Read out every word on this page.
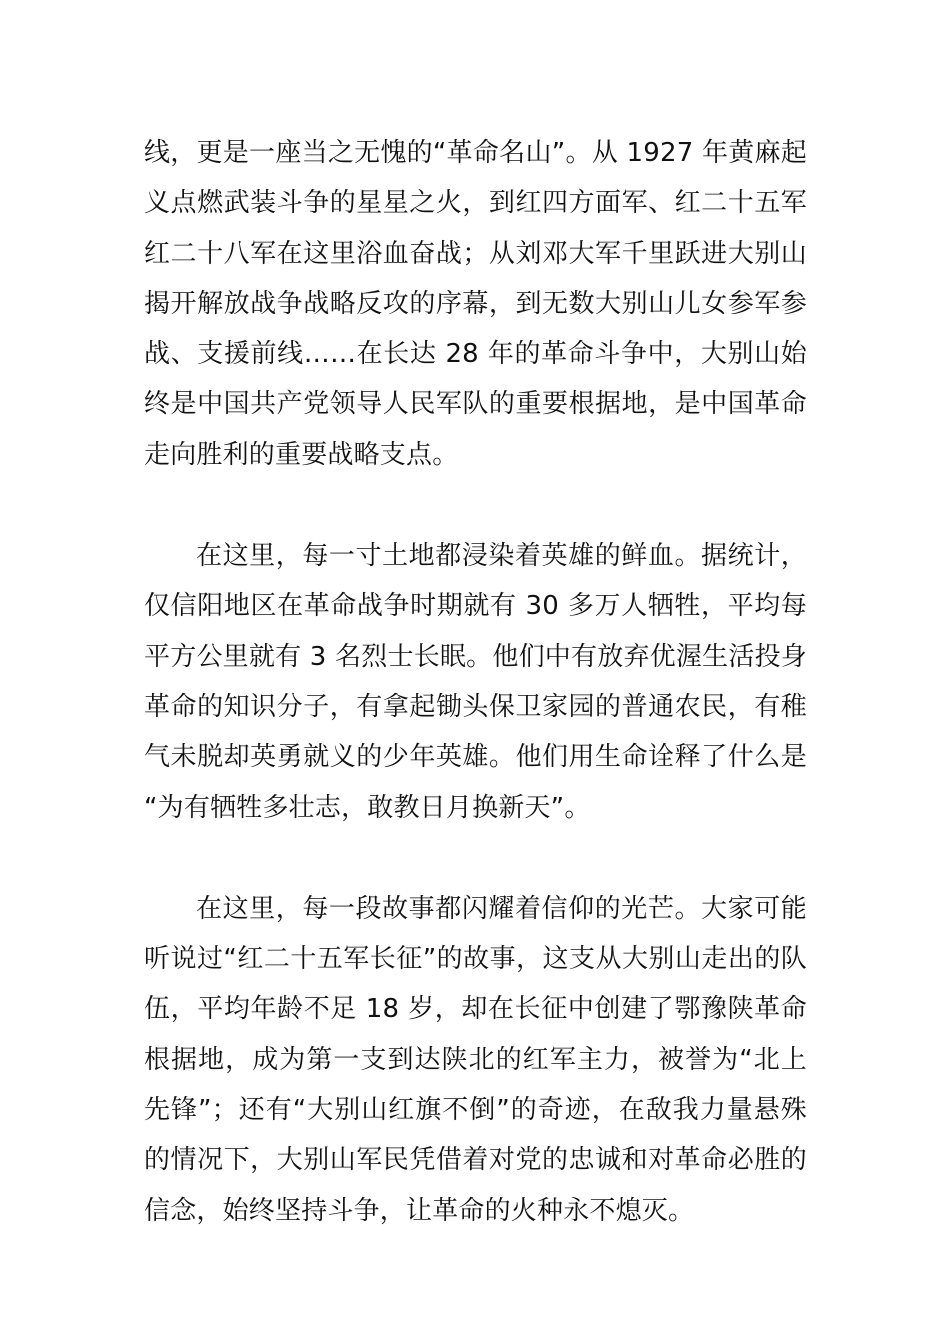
线，更是一座当之无愧的“革命名山”。从 1927 年黄麻起义点燃武装斗争的星星之火，到红四方面军、红二十五军红二十八军在这里浴血奋战；从刘邓大军千里跃进大别山揭开解放战争战略反攻的序幕，到无数大别山儿女参军参战、支援前线……在长达 28 年的革命斗争中，大别山始终是中国共产党领导人民军队的重要根据地，是中国革命走向胜利的重要战略支点。

在这里，每一寸土地都浸染着英雄的鲜血。据统计，仅信阳地区在革命战争时期就有 30 多万人牺牲，平均每平方公里就有 3 名烈士长眠。他们中有放弃优渥生活投身革命的知识分子，有拿起锄头保卫家园的普通农民，有稚气未脱却英勇就义的少年英雄。他们用生命诠释了什么是“为有牺牲多壮志，敢教日月换新天”。

在这里，每一段故事都闪耀着信仰的光芒。大家可能听说过“红二十五军长征”的故事，这支从大别山走出的队伍，平均年龄不足 18 岁，却在长征中创建了鄂豫陕革命根据地，成为第一支到达陕北的红军主力，被誉为“北上先锋”；还有“大别山红旗不倒”的奇迹，在敌我力量悬殊的情况下，大别山军民凭借着对党的忠诚和对革命必胜的信念，始终坚持斗争，让革命的火种永不熄灭。
